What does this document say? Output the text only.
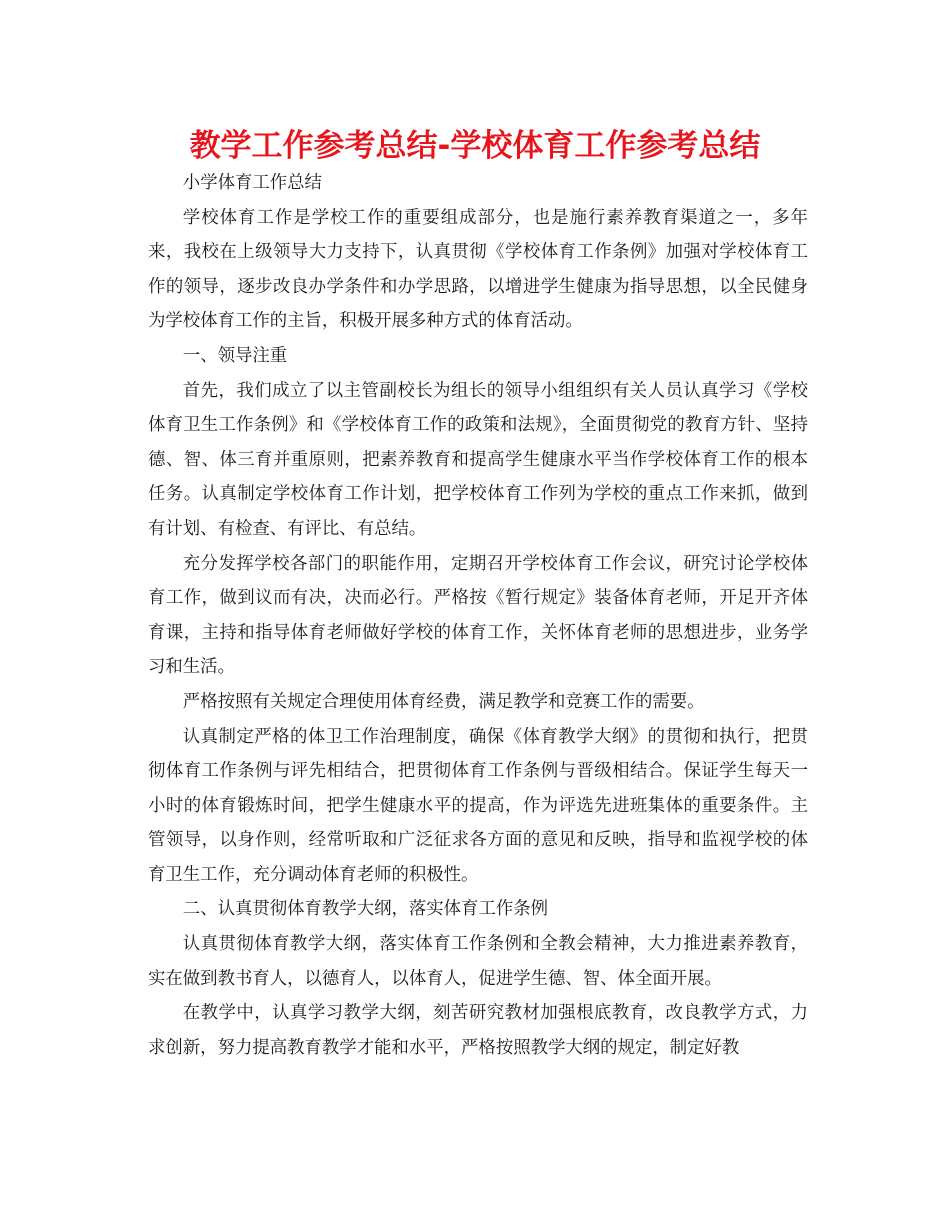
教学工作参考总结-学校体育工作参考总结

小学体育工作总结

学校体育工作是学校工作的重要组成部分，也是施行素养教育渠道之一，多年来，我校在上级领导大力支持下，认真贯彻《学校体育工作条例》加强对学校体育工作的领导，逐步改良办学条件和办学思路，以增进学生健康为指导思想，以全民健身为学校体育工作的主旨，积极开展多种方式的体育活动。

一、领导注重

首先，我们成立了以主管副校长为组长的领导小组组织有关人员认真学习《学校体育卫生工作条例》和《学校体育工作的政策和法规》，全面贯彻党的教育方针、坚持德、智、体三育并重原则，把素养教育和提高学生健康水平当作学校体育工作的根本任务。认真制定学校体育工作计划，把学校体育工作列为学校的重点工作来抓，做到有计划、有检查、有评比、有总结。

充分发挥学校各部门的职能作用，定期召开学校体育工作会议，研究讨论学校体育工作，做到议而有决，决而必行。严格按《暂行规定》装备体育老师，开足开齐体育课，主持和指导体育老师做好学校的体育工作，关怀体育老师的思想进步，业务学习和生活。

严格按照有关规定合理使用体育经费，满足教学和竞赛工作的需要。

认真制定严格的体卫工作治理制度，确保《体育教学大纲》的贯彻和执行，把贯彻体育工作条例与评先相结合，把贯彻体育工作条例与晋级相结合。保证学生每天一小时的体育锻炼时间，把学生健康水平的提高，作为评选先进班集体的重要条件。主管领导，以身作则，经常听取和广泛征求各方面的意见和反映，指导和监视学校的体育卫生工作，充分调动体育老师的积极性。

二、认真贯彻体育教学大纲，落实体育工作条例

认真贯彻体育教学大纲，落实体育工作条例和全教会精神，大力推进素养教育，实在做到教书育人，以德育人，以体育人，促进学生德、智、体全面开展。

在教学中，认真学习教学大纲，刻苦研究教材加强根底教育，改良教学方式，力求创新，努力提高教育教学才能和水平，严格按照教学大纲的规定，制定好教
